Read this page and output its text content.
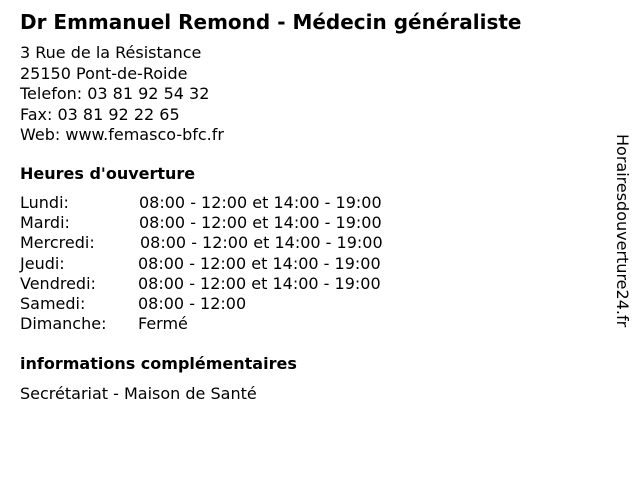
Dr Emmanuel Remond - Médecin généraliste
3 Rue de la Résistance
25150 Pont-de-Roide
Telefon: 03 81 92 54 32
Fax: 03 81 92 22 65
Web: www.femasco-bfc.fr
Heures d'ouverture
Lundi:	08:00 - 12:00 et 14:00 - 19:00
Mardi:	08:00 - 12:00 et 14:00 - 19:00
Mercredi:	08:00 - 12:00 et 14:00 - 19:00
Jeudi:	08:00 - 12:00 et 14:00 - 19:00
Vendredi:	08:00 - 12:00 et 14:00 - 19:00
Samedi:	08:00 - 12:00
Dimanche: Fermé
informations complémentaires
Secrétariat - Maison de Santé
Horairesdouverture24.fr
